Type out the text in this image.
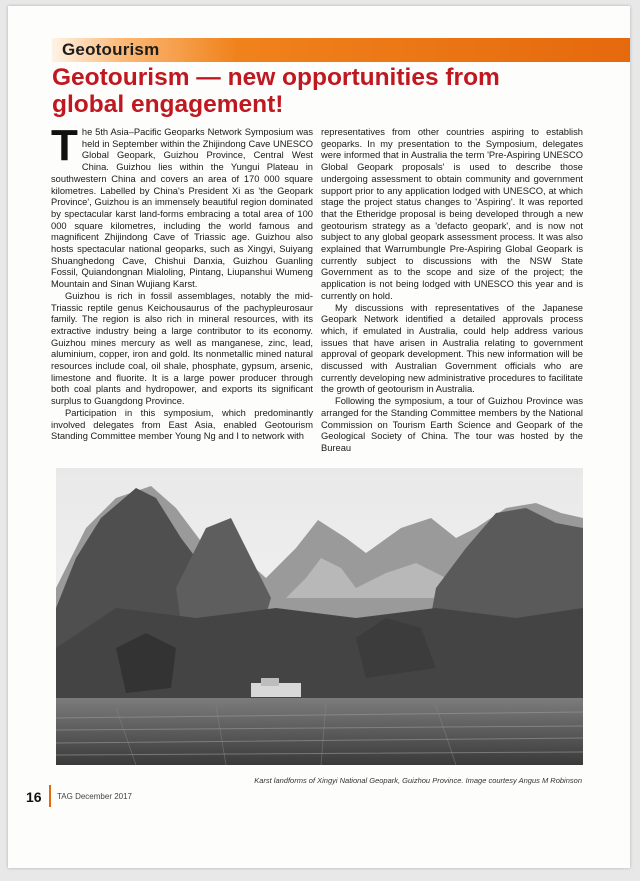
Geotourism
Geotourism — new opportunities from global engagement!

The 5th Asia–Pacific Geoparks Network Symposium was held in September within the Zhijindong Cave UNESCO Global Geopark, Guizhou Province, Central West China. Guizhou lies within the Yungui Plateau in southwestern China and covers an area of 170 000 square kilometres. Labelled by China's President Xi as 'the Geopark Province', Guizhou is an immensely beautiful region dominated by spectacular karst land-forms embracing a total area of 100 000 square kilometres, including the world famous and magnificent Zhijindong Cave of Triassic age. Guizhou also hosts spectacular national geoparks, such as Xingyi, Suiyang Shuanghedong Cave, Chishui Danxia, Guizhou Guanling Fossil, Quiandongnan Mialoling, Pintang, Liupanshui Wumeng Mountain and Sinan Wujiang Karst.

Guizhou is rich in fossil assemblages, notably the mid-Triassic reptile genus Keichousaurus of the pachypleurosaur family. The region is also rich in mineral resources, with its extractive industry being a large contributor to its economy. Guizhou mines mercury as well as manganese, zinc, lead, aluminium, copper, iron and gold. Its nonmetallic mined natural resources include coal, oil shale, phosphate, gypsum, arsenic, limestone and fluorite. It is a large power producer through both coal plants and hydropower, and exports its significant surplus to Guangdong Province.

Participation in this symposium, which predominantly involved delegates from East Asia, enabled Geotourism Standing Committee member Young Ng and I to network with

representatives from other countries aspiring to establish geoparks. In my presentation to the Symposium, delegates were informed that in Australia the term 'Pre-Aspiring UNESCO Global Geopark proposals' is used to describe those undergoing assessment to obtain community and government support prior to any application lodged with UNESCO, at which stage the project status changes to 'Aspiring'. It was reported that the Etheridge proposal is being developed through a new geotourism strategy as a 'defacto geopark', and is now not subject to any global geopark assessment process. It was also explained that Warrumbungle Pre-Aspiring Global Geopark is currently subject to discussions with the NSW State Government as to the scope and size of the project; the application is not being lodged with UNESCO this year and is currently on hold.

My discussions with representatives of the Japanese Geopark Network identified a detailed approvals process which, if emulated in Australia, could help address various issues that have arisen in Australia relating to government approval of geopark development. This new information will be discussed with Australian Government officials who are currently developing new administrative procedures to facilitate the growth of geotourism in Australia.

Following the symposium, a tour of Guizhou Province was arranged for the Standing Committee members by the National Commission on Tourism Earth Science and Geopark of the Geological Society of China. The tour was hosted by the Bureau

Karst landforms of Xingyi National Geopark, Guizhou Province. Image courtesy Angus M Robinson
16 TAG December 2017
